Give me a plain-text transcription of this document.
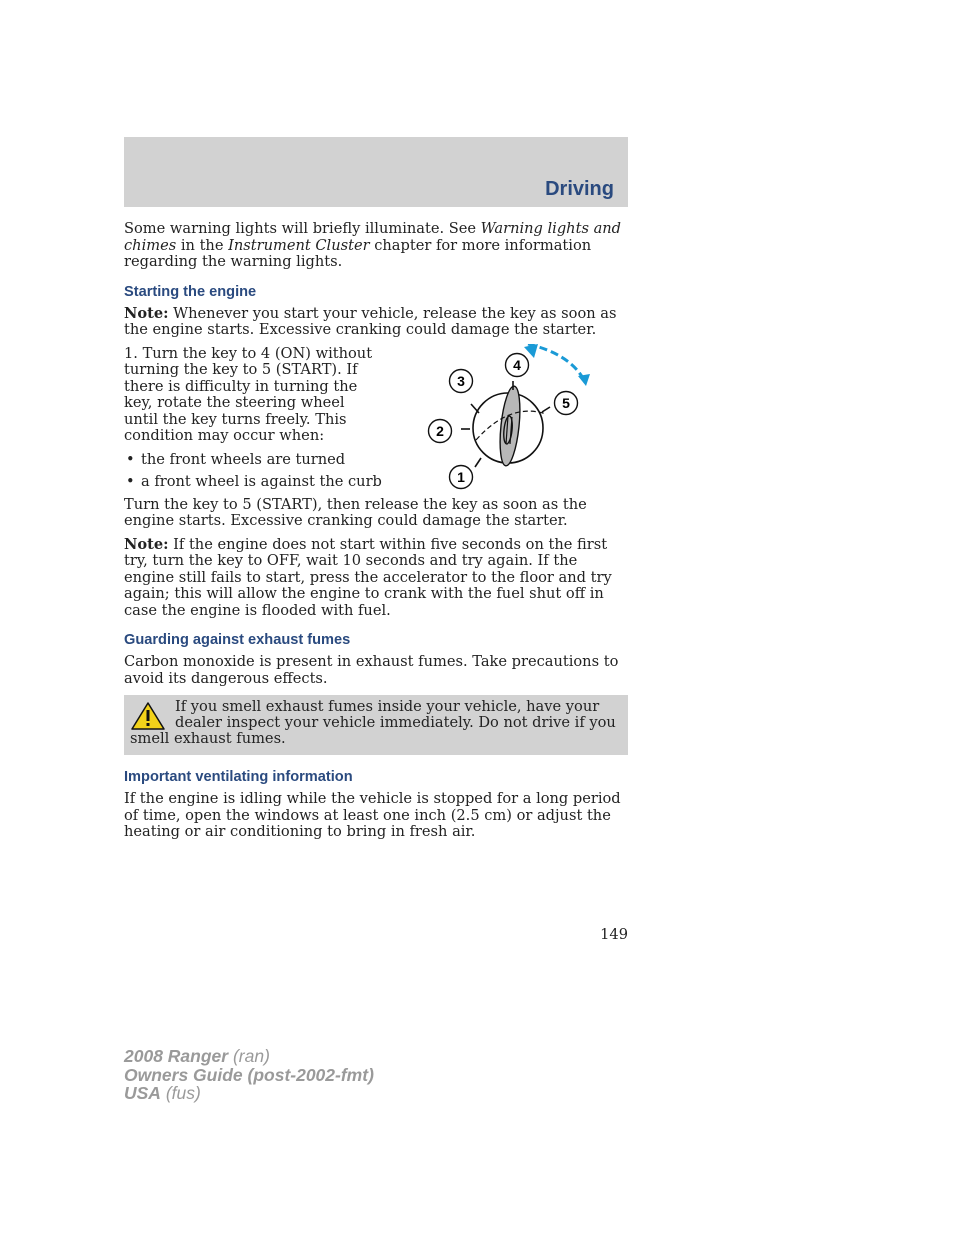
Driving

Some warning lights will briefly illuminate. See Warning lights and chimes in the Instrument Cluster chapter for more information regarding the warning lights.

Starting the engine

Note: Whenever you start your vehicle, release the key as soon as the engine starts. Excessive cranking could damage the starter.

1. Turn the key to 4 (ON) without turning the key to 5 (START). If there is difficulty in turning the key, rotate the steering wheel until the key turns freely. This condition may occur when:

• the front wheels are turned
• a front wheel is against the curb	1
2
3
4
5

Turn the key to 5 (START), then release the key as soon as the engine starts. Excessive cranking could damage the starter.

Note: If the engine does not start within five seconds on the first try, turn the key to OFF, wait 10 seconds and try again. If the engine still fails to start, press the accelerator to the floor and try again; this will allow the engine to crank with the fuel shut off in case the engine is flooded with fuel.

Guarding against exhaust fumes

Carbon monoxide is present in exhaust fumes. Take precautions to avoid its dangerous effects.

If you smell exhaust fumes inside your vehicle, have your dealer inspect your vehicle immediately. Do not drive if you smell exhaust fumes.
Important ventilating information

If the engine is idling while the vehicle is stopped for a long period of time, open the windows at least one inch (2.5 cm) or adjust the heating or air conditioning to bring in fresh air.

149
2008 Ranger (ran)
Owners Guide (post-2002-fmt)
USA (fus)
